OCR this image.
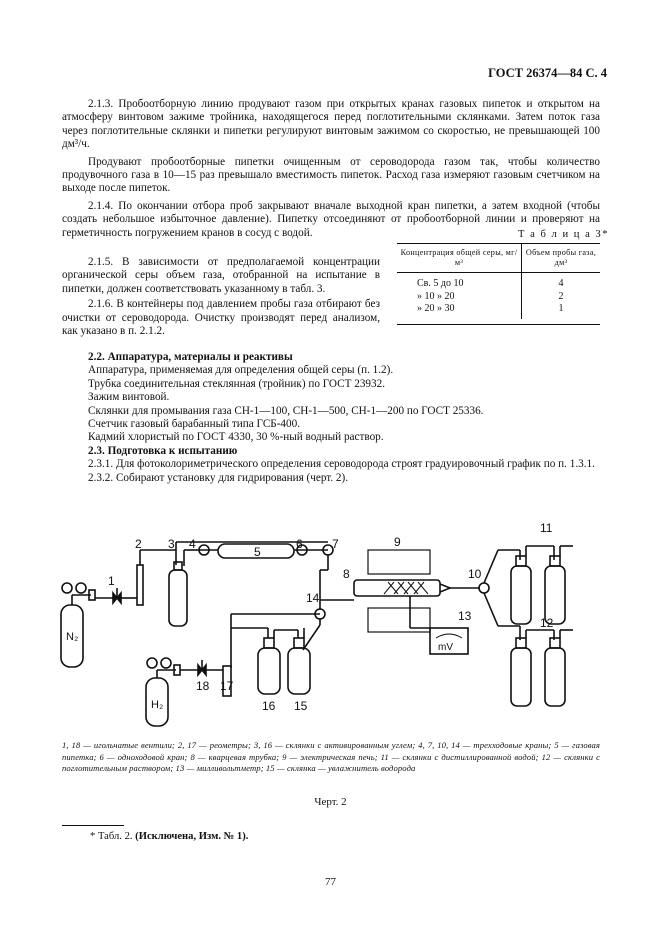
ГОСТ 26374—84 С. 4

2.1.3. Пробоотборную линию продувают газом при открытых кранах газовых пипеток и открытом на атмосферу винтовом зажиме тройника, находящегося перед поглотительными склянками. Затем поток газа через поглотительные склянки и пипетки регулируют винтовым зажимом со скоростью, не превышающей 100 дм³/ч.

Продувают пробоотборные пипетки очищенным от сероводорода газом так, чтобы количество продувочного газа в 10—15 раз превышало вместимость пипеток. Расход газа измеряют газовым счетчиком на выходе после пипеток.

2.1.4. По окончании отбора проб закрывают вначале выходной кран пипетки, а затем входной (чтобы создать небольшое избыточное давление). Пипетку отсоединяют от пробоотборной линии и проверяют на герметичность погружением кранов в сосуд с водой.

2.1.5. В зависимости от предполагаемой концентрации органической серы объем газа, отобранной на испытание в пипетки, должен соответствовать указанному в табл. 3.

2.1.6. В контейнеры под давлением пробы газа отбирают без очистки от сероводорода. Очистку производят перед анализом, как указано в п. 2.1.2.

Т а б л и ц а 3*
Концентрация общей серы, мг/м³	Объем пробы газа, дм³
Св. 5 до 10	4
» 10 » 20	2
» 20 » 30	1
2.2. Аппаратура, материалы и реактивы

Аппаратура, применяемая для определения общей серы (п. 1.2).

Трубка соединительная стеклянная (тройник) по ГОСТ 23932.

Зажим винтовой.

Склянки для промывания газа СН-1—100, СН-1—500, СН-1—200 по ГОСТ 25336.

Счетчик газовый барабанный типа ГСБ-400.

Кадмий хлористый по ГОСТ 4330, 30 %-ный водный раствор.

2.3. Подготовка к испытанию

2.3.1. Для фотоколориметрического определения сероводорода строят градуировочный график по п. 1.3.1.

2.3.2. Собирают установку для гидрирования (черт. 2).

1
2 3 4
5
6 7
8
9
10
11
12
13
14
15
16
17
18
N₂
H₂
mV
1, 18 — игольчатые вентили; 2, 17 — реометры; 3, 16 — склянки с активированным углем; 4, 7, 10, 14 — трехходовые краны; 5 — газовая пипетка; 6 — одноходовой кран; 8 — кварцевая трубка; 9 — электрическая печь; 11 — склянки с дистиллированной водой; 12 — склянки с поглотительным раствором; 13 — милливольтметр; 15 — склянка — увлажнитель водорода
Черт. 2
* Табл. 2. (Исключена, Изм. № 1).
77
